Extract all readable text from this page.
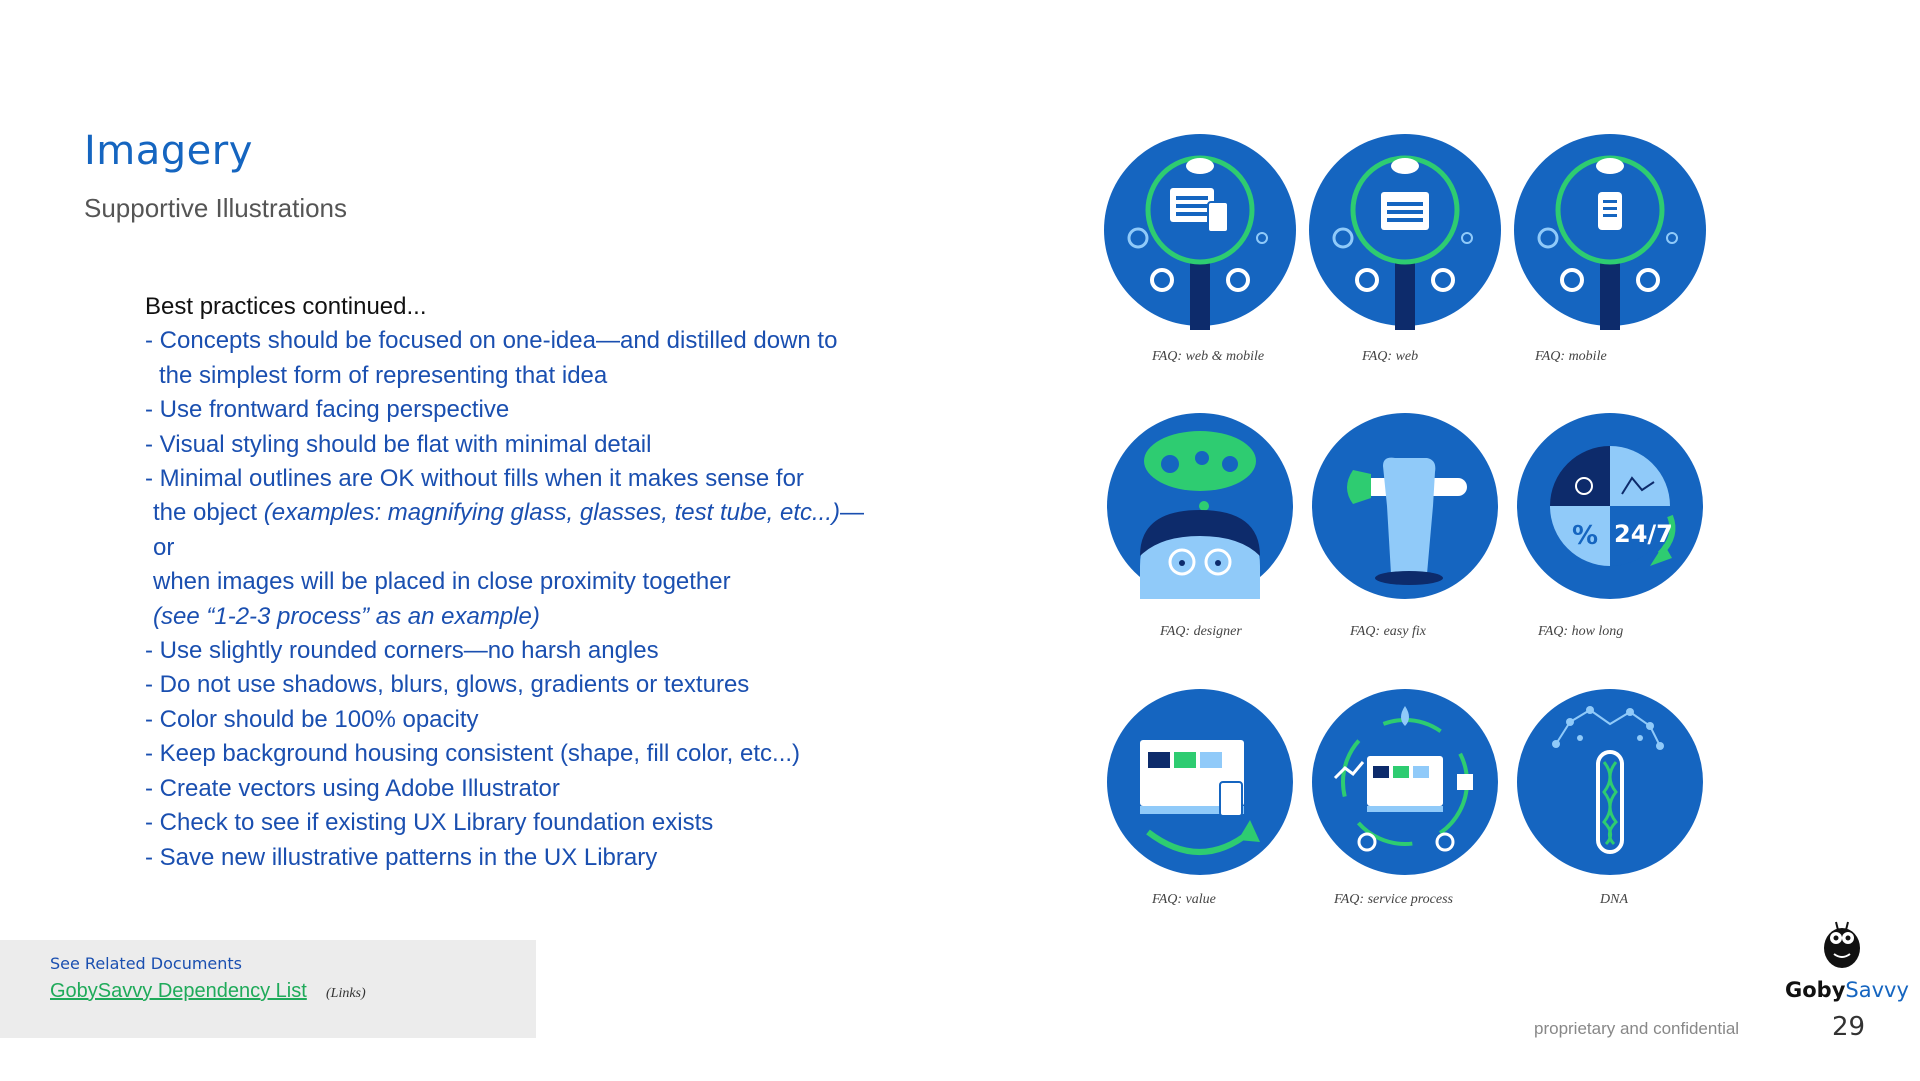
Imagery
Supportive Illustrations
Best practices continued...
- Concepts should be focused on one-idea—and distilled down to
the simplest form of representing that idea
- Use frontward facing perspective
- Visual styling should be flat with minimal detail
- Minimal outlines are OK without fills when it makes sense for
the object (examples: magnifying glass, glasses, test tube, etc...)—or
when images will be placed in close proximity together
(see “1-2-3 process” as an example)
- Use slightly rounded corners—no harsh angles
- Do not use shadows, blurs, glows, gradients or textures
- Color should be 100% opacity
- Keep background housing consistent (shape, fill color, etc...)
- Create vectors using Adobe Illustrator
- Check to see if existing UX Library foundation exists
- Save new illustrative patterns in the UX Library
FAQ: web & mobile	FAQ: web	FAQ: mobile
% 24/7
FAQ: designer	FAQ: easy fix	FAQ: how long
FAQ: value	FAQ: service process	DNA
See Related Documents
GobySavvy Dependency List (Links)
proprietary and confidential	29
GobySavvy
